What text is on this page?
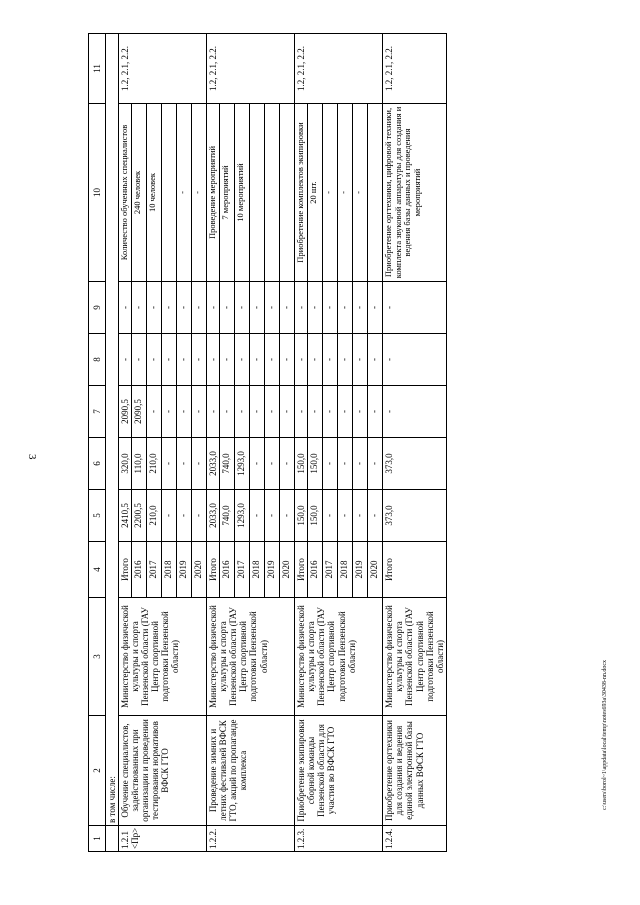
3
c:\users\borol~1\appdata\local\temp\notes693a\30438-nn.docx
1	2	3	4	5	6	7	8	9	10	11
	в том числе:									
1.2.1 <Пр>	Обучение специалистов, задействованных при организации и проведении тестирования нормативов ВФСК ГТО	Министерство физической культуры и спорта Пензенской области (ГАУ Центр спортивной подготовки Пензенской области)	Итого	2410,5	320,0	2090,5	-	-	Количество обученных специалистов	1.2, 2.1, 2.2.
			2016	2200,5	110,0	2090,5	-	-	240 человек	
			2017	210,0	210,0	-	-	-	10 человек	
			2018	-	-	-	-	-		
			2019	-	-	-	-	-	-	
			2020	-	-	-	-	-	-	
1.2.2.	Проведение зимних и летних фестивалей ВФСК ГТО, акций по пропаганде комплекса	Министерство физической культуры и спорта Пензенской области (ГАУ Центр спортивной подготовки Пензенской области)	Итого	2033,0	2033,0	-	-	-	Проведение мероприятий	1.2, 2.1, 2.2.
			2016	740,0	740,0	-	-	-	7 мероприятий	
			2017	1293,0	1293,0	-	-	-	10 мероприятий	
			2018	-	-	-	-	-		
			2019	-	-	-	-	-		
			2020	-	-	-	-	-		
1.2.3.	Приобретение экипировки сборной команды Пензенской области для участия во ВФСК ГТО	Министерство физической культуры и спорта Пензенской области (ГАУ Центр спортивной подготовки Пензенской области)	Итого	150,0	150,0	-	-	-	Приобретение комплектов экипировки	1.2, 2.1, 2.2.
			2016	150,0	150,0	-	-	-	20 шт.	
			2017	-	-	-	-	-	-	
			2018	-	-	-	-	-	-	
			2019	-	-	-	-	-	-	
			2020	-	-	-	-	-		
1.2.4.	Приобретение оргтехники для создания и ведения единой электронной базы данных ВФСК ГТО	Министерство физической культуры и спорта Пензенской области (ГАУ Центр спортивной подготовки Пензенской области)	Итого	373,0	373,0	-	-	-	Приобретение оргтехники, цифровой техники, комплекта звуковой аппаратуры для создания и ведения базы данных и проведения мероприятий	1.2, 2.1, 2.2.
